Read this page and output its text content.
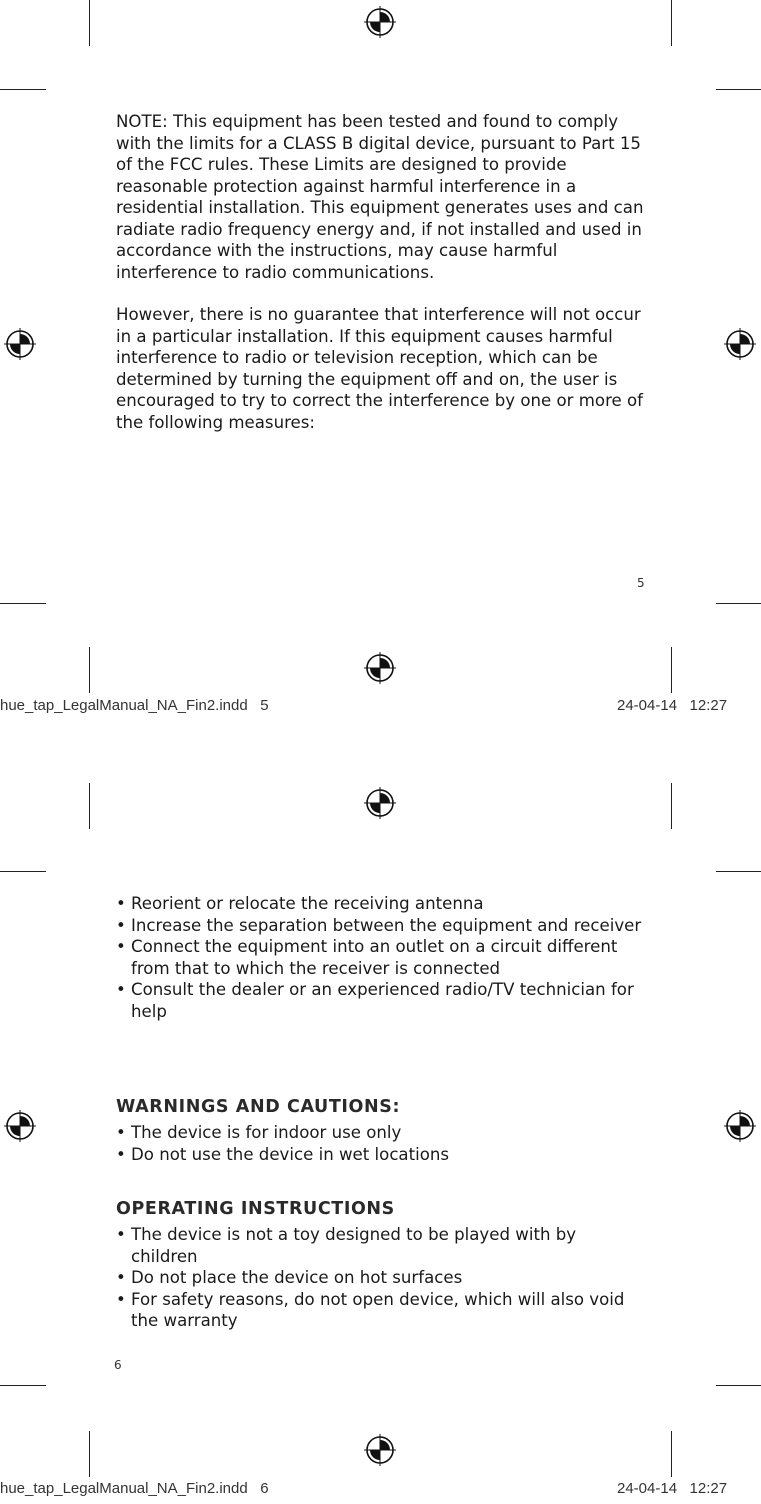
NOTE: This equipment has been tested and found to comply with the limits for a CLASS B digital device, pursuant to Part 15 of the FCC rules. These Limits are designed to provide reasonable protection against harmful interference in a residential installation. This equipment generates uses and can radiate radio frequency energy and, if not installed and used in accordance with the instructions, may cause harmful interference to radio communications.

However, there is no guarantee that interference will not occur in a particular installation. If this equipment causes harmful interference to radio or television reception, which can be determined by turning the equipment off and on, the user is encouraged to try to correct the interference by one or more of the following measures:

5
hue_tap_LegalManual_NA_Fin2.indd   5	24-04-14   12:27
• Reorient or relocate the receiving antenna
• Increase the separation between the equipment and receiver
• Connect the equipment into an outlet on a circuit different from that to which the receiver is connected
• Consult the dealer or an experienced radio/TV technician for help
WARNINGS AND CAUTIONS:
• The device is for indoor use only
• Do not use the device in wet locations
OPERATING INSTRUCTIONS
• The device is not a toy designed to be played with by children
• Do not place the device on hot surfaces
• For safety reasons, do not open device, which will also void the warranty
6
hue_tap_LegalManual_NA_Fin2.indd   6	24-04-14   12:27
